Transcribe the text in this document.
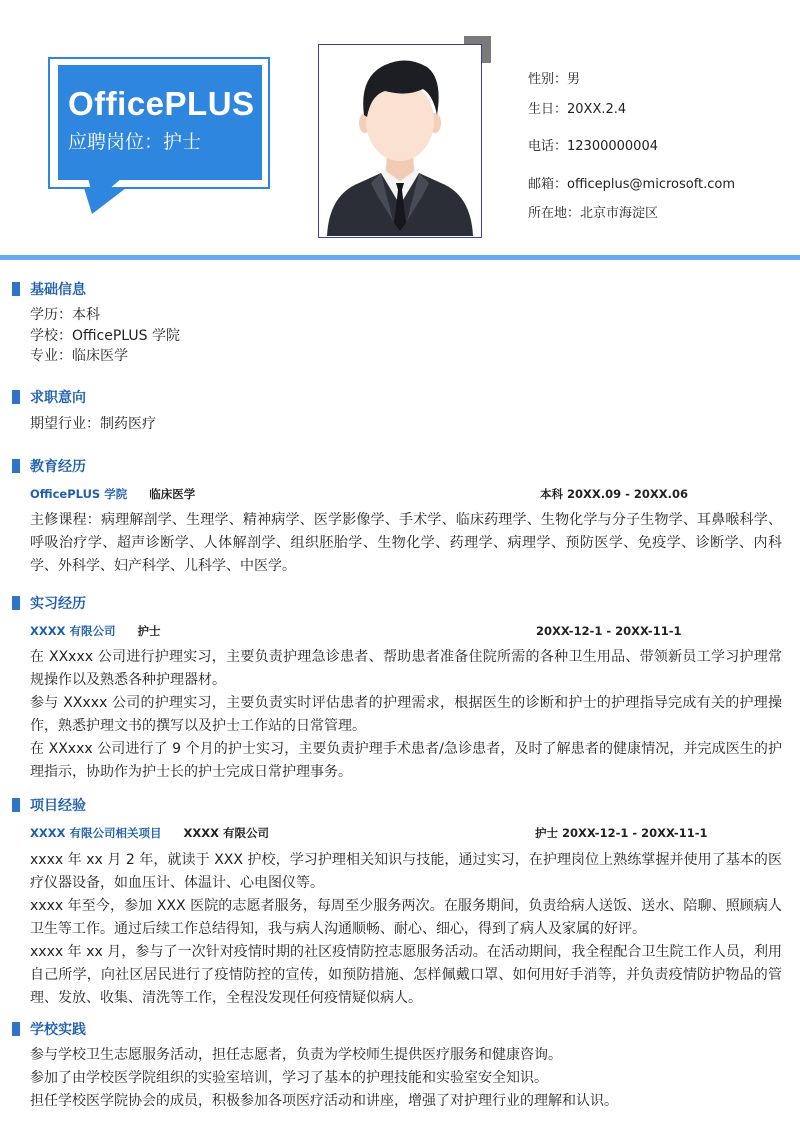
OfficePLUS
应聘岗位：护士
性别：男
生日：20XX.2.4
电话：12300000004
邮箱：officeplus@microsoft.com
所在地：北京市海淀区
基础信息
学历：本科
学校：OfficePLUS 学院
专业：临床医学
求职意向
期望行业：制药医疗
教育经历
OfficePLUS 学院 临床医学	本科 20XX.09 - 20XX.06
主修课程：病理解剖学、生理学、精神病学、医学影像学、手术学、临床药理学、生物化学与分子生物学、耳鼻喉科学、呼吸治疗学、超声诊断学、人体解剖学、组织胚胎学、生物化学、药理学、病理学、预防医学、免疫学、诊断学、内科学、外科学、妇产科学、儿科学、中医学。
实习经历
XXXX 有限公司 护士	20XX-12-1 - 20XX-11-1
在 XXxxx 公司进行护理实习，主要负责护理急诊患者、帮助患者准备住院所需的各种卫生用品、带领新员工学习护理常规操作以及熟悉各种护理器材。
参与 XXxxx 公司的护理实习，主要负责实时评估患者的护理需求，根据医生的诊断和护士的护理指导完成有关的护理操作，熟悉护理文书的撰写以及护士工作站的日常管理。
在 XXxxx 公司进行了 9 个月的护士实习，主要负责护理手术患者/急诊患者，及时了解患者的健康情况，并完成医生的护理指示，协助作为护士长的护士完成日常护理事务。
项目经验
XXXX 有限公司相关项目 XXXX 有限公司	护士 20XX-12-1 - 20XX-11-1
xxxx 年 xx 月 2 年，就读于 XXX 护校，学习护理相关知识与技能，通过实习，在护理岗位上熟练掌握并使用了基本的医疗仪器设备，如血压计、体温计、心电图仪等。
xxxx 年至今，参加 XXX 医院的志愿者服务，每周至少服务两次。在服务期间，负责给病人送饭、送水、陪聊、照顾病人卫生等工作。通过后续工作总结得知，我与病人沟通顺畅、耐心、细心，得到了病人及家属的好评。
xxxx 年 xx 月，参与了一次针对疫情时期的社区疫情防控志愿服务活动。在活动期间，我全程配合卫生院工作人员，利用自己所学，向社区居民进行了疫情防控的宣传，如预防措施、怎样佩戴口罩、如何用好手消等，并负责疫情防护物品的管理、发放、收集、清洗等工作，全程没发现任何疫情疑似病人。
学校实践
参与学校卫生志愿服务活动，担任志愿者，负责为学校师生提供医疗服务和健康咨询。
参加了由学校医学院组织的实验室培训，学习了基本的护理技能和实验室安全知识。
担任学校医学院协会的成员，积极参加各项医疗活动和讲座，增强了对护理行业的理解和认识。
